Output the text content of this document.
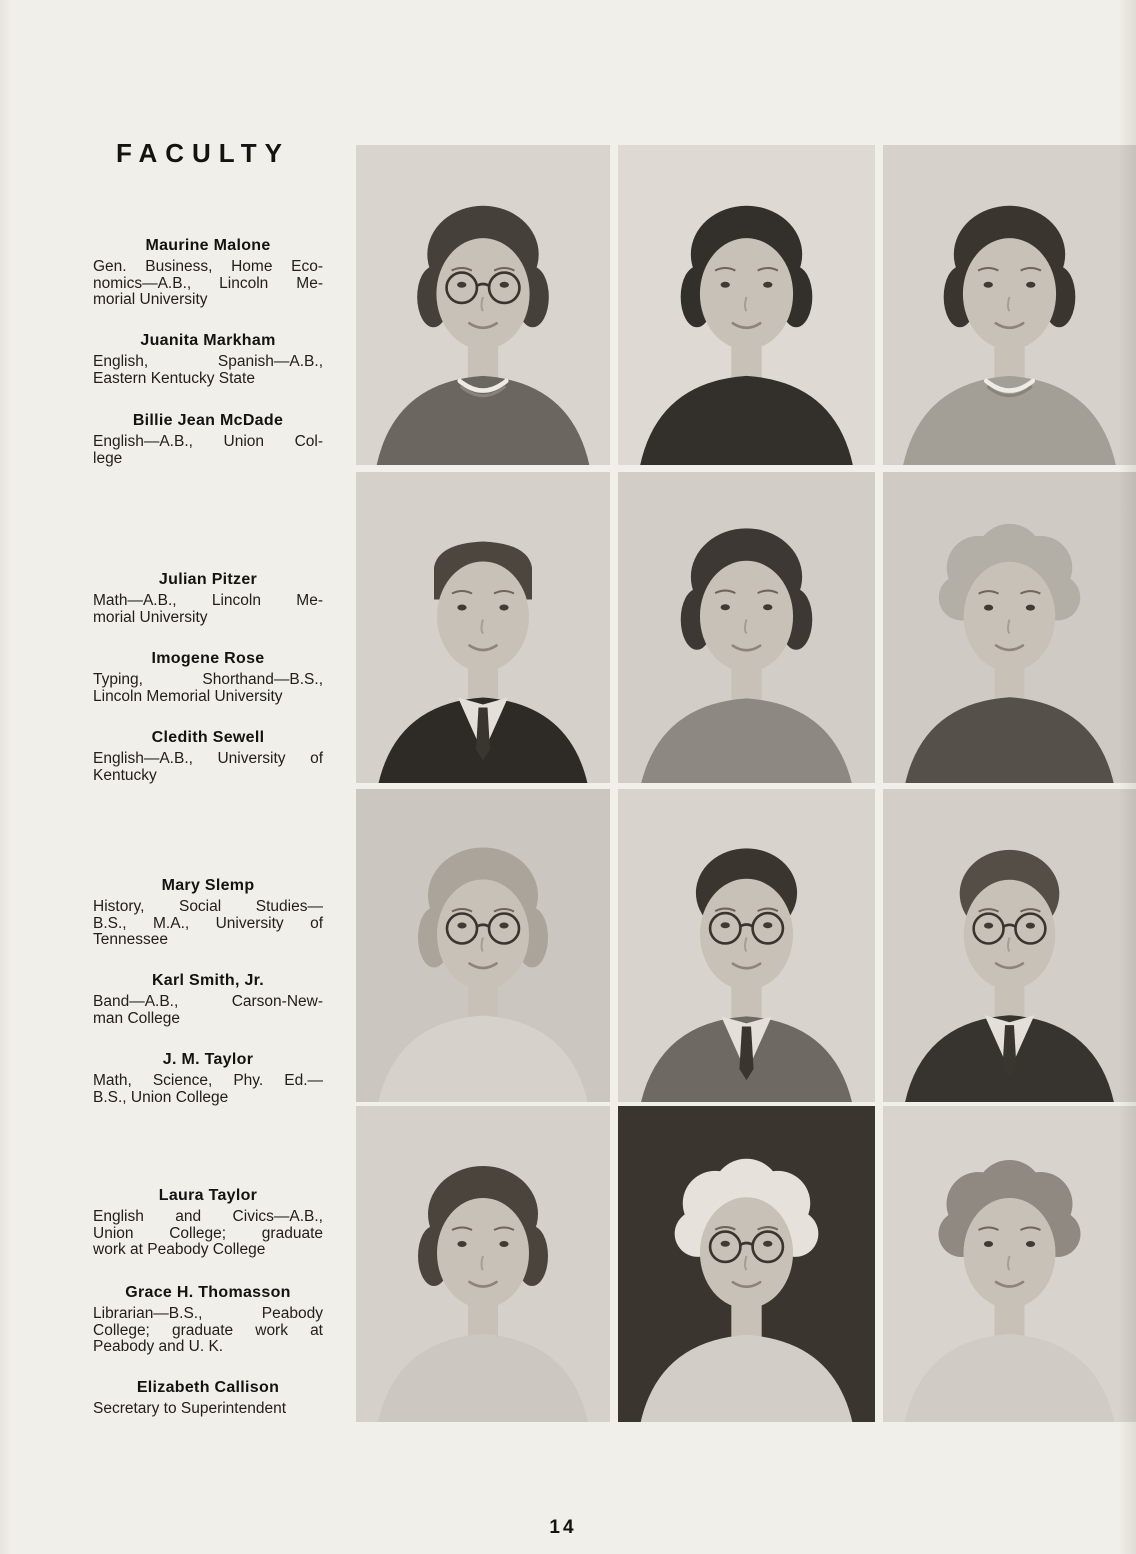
FACULTY
Maurine Malone
Gen. Business, Home Eco-
nomics—A.B., Lincoln Me-
morial University
Juanita Markham
English, Spanish—A.B.,
Eastern Kentucky State
Billie Jean McDade
English—A.B., Union Col-
lege
Julian Pitzer
Math—A.B., Lincoln Me-
morial University
Imogene Rose
Typing, Shorthand—B.S.,
Lincoln Memorial University
Cledith Sewell
English—A.B., University of
Kentucky
Mary Slemp
History, Social Studies—
B.S., M.A., University of
Tennessee
Karl Smith, Jr.
Band—A.B., Carson-New-
man College
J. M. Taylor
Math, Science, Phy. Ed.—
B.S., Union College
Laura Taylor
English and Civics—A.B.,
Union College; graduate
work at Peabody College
Grace H. Thomasson
Librarian—B.S., Peabody
College; graduate work at
Peabody and U. K.
Elizabeth Callison
Secretary to Superintendent
14
